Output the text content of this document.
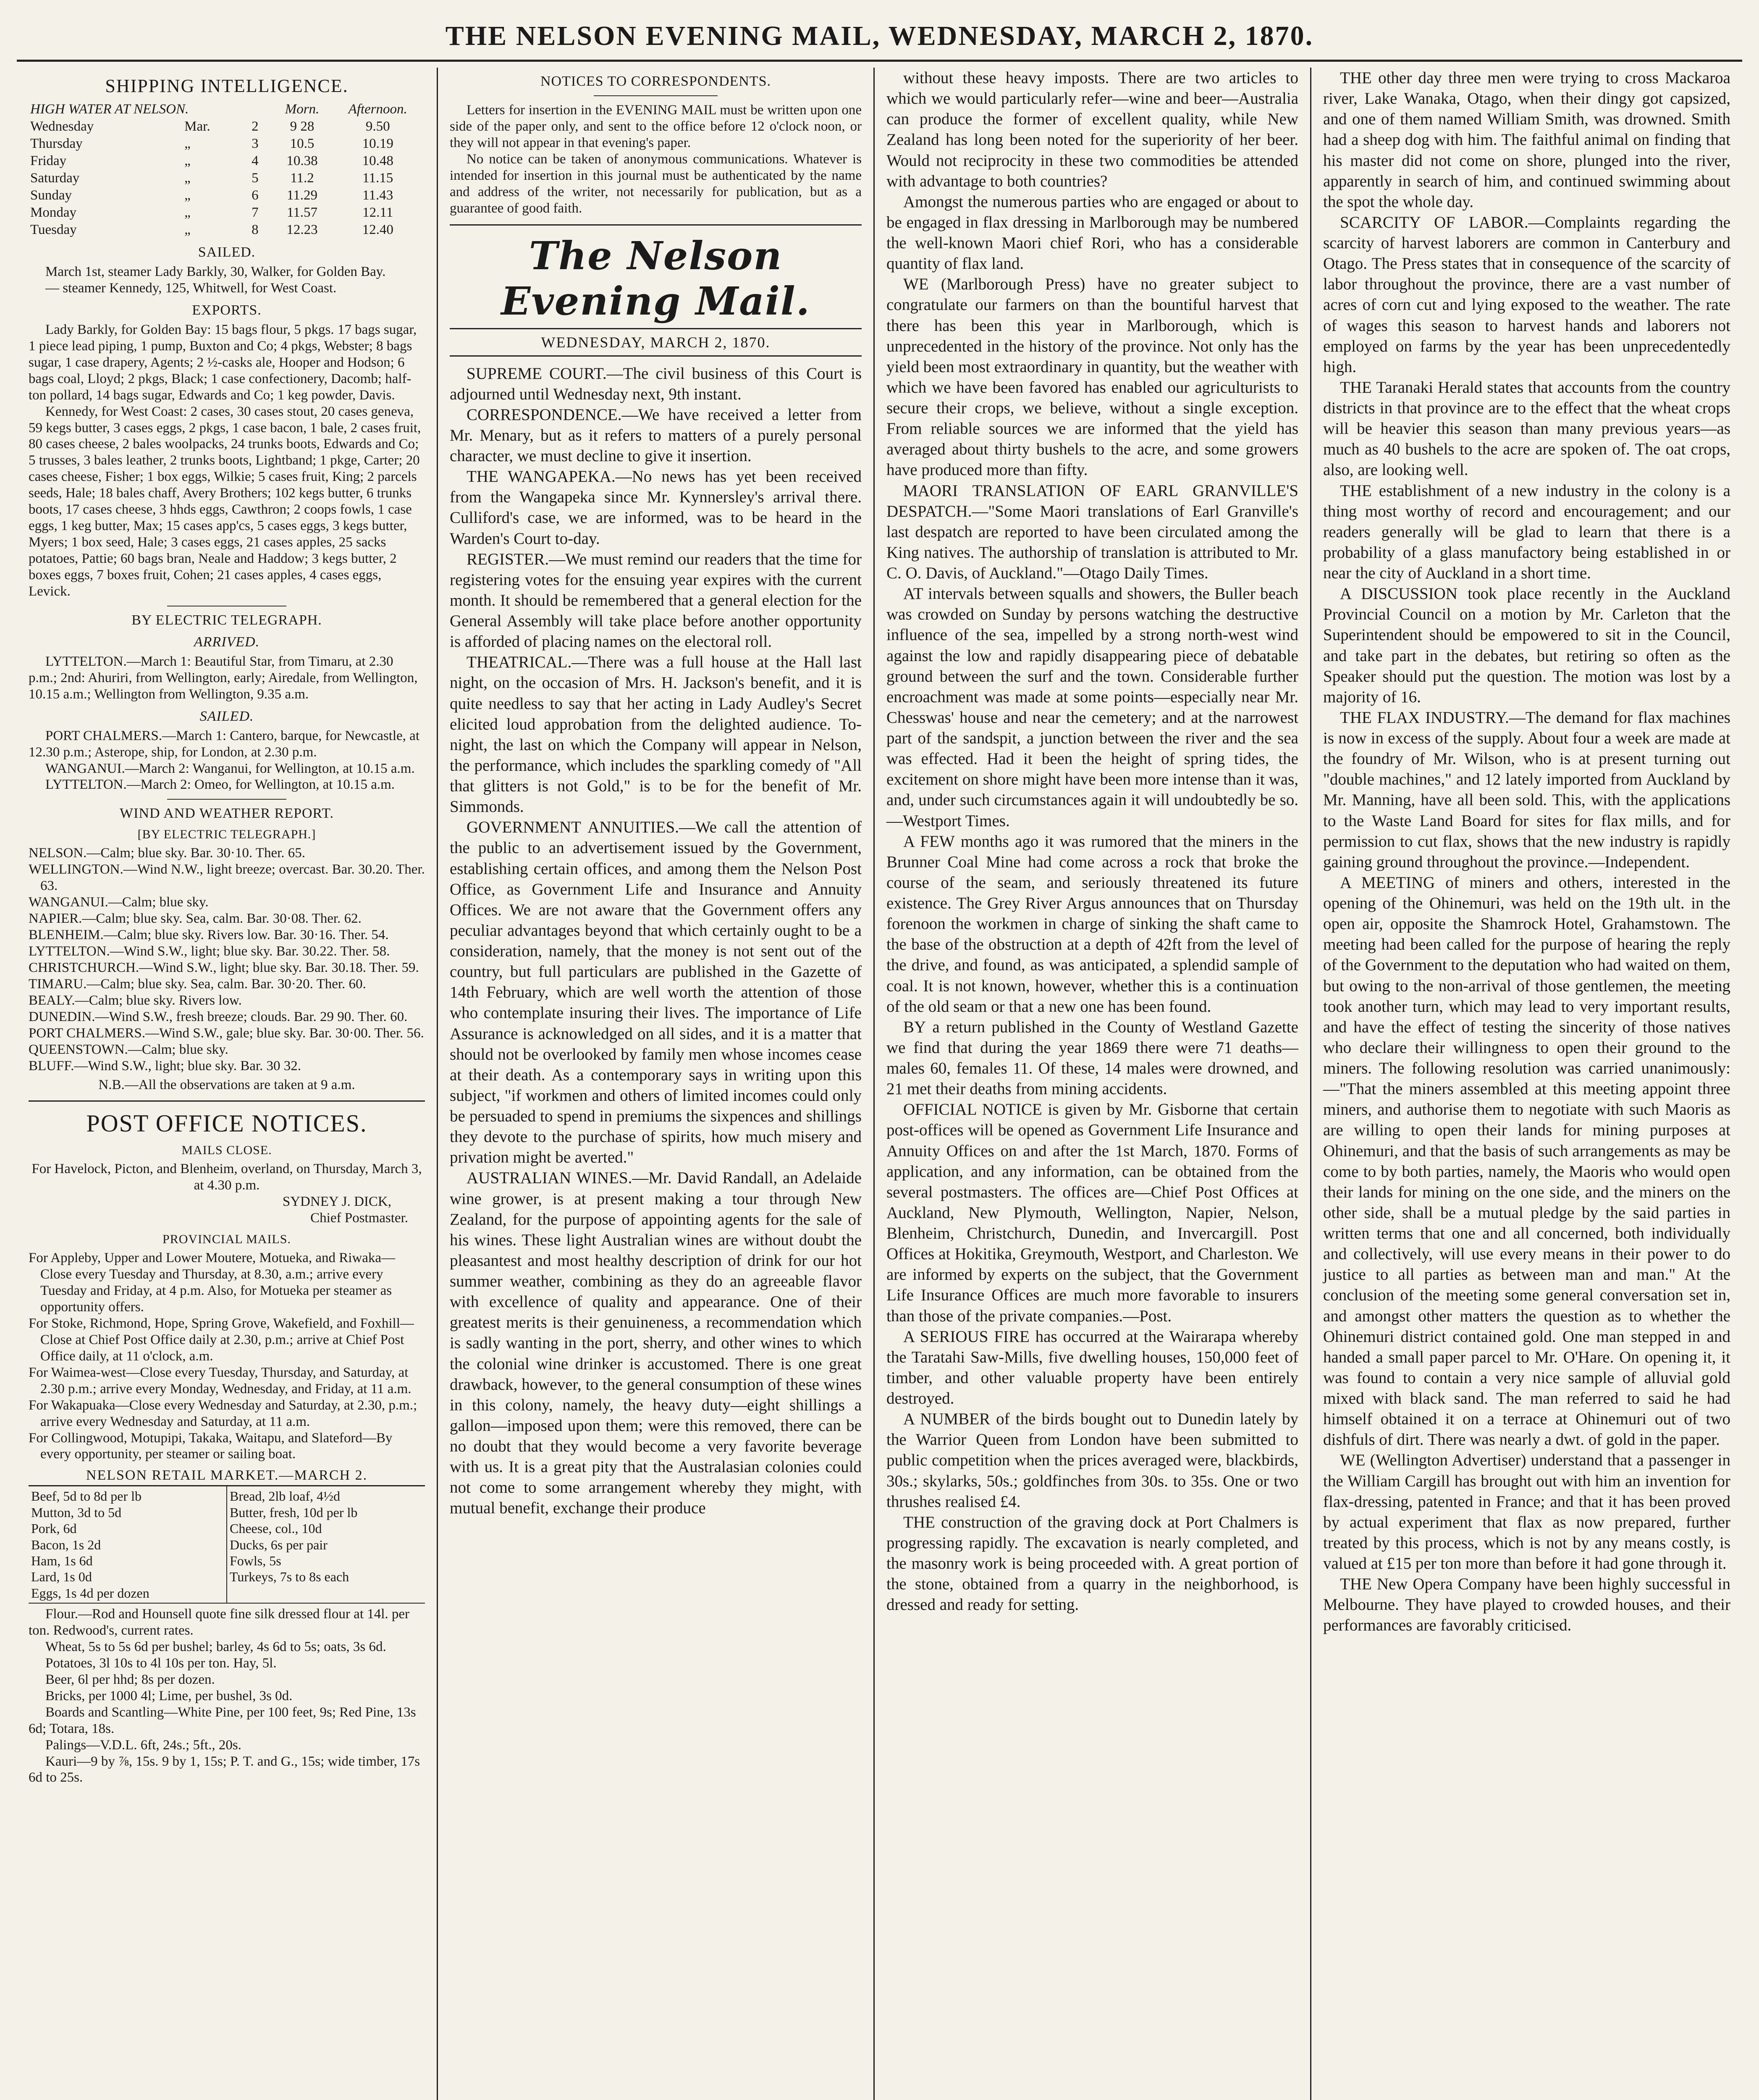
THE NELSON EVENING MAIL, WEDNESDAY, MARCH 2, 1870.
SHIPPING INTELLIGENCE.
HIGH WATER AT NELSON.			Morn.	Afternoon.
Wednesday	Mar.	2	9 28	9.50
Thursday	„	3	10.5	10.19
Friday	„	4	10.38	10.48
Saturday	„	5	11.2	11.15
Sunday	„	6	11.29	11.43
Monday	„	7	11.57	12.11
Tuesday	„	8	12.23	12.40
SAILED.

March 1st, steamer Lady Barkly, 30, Walker, for Golden Bay.

— steamer Kennedy, 125, Whitwell, for West Coast.

EXPORTS.

Lady Barkly, for Golden Bay: 15 bags flour, 5 pkgs. 17 bags sugar, 1 piece lead piping, 1 pump, Buxton and Co; 4 pkgs, Webster; 8 bags sugar, 1 case drapery, Agents; 2 ½-casks ale, Hooper and Hodson; 6 bags coal, Lloyd; 2 pkgs, Black; 1 case confectionery, Dacomb; half-ton pollard, 14 bags sugar, Edwards and Co; 1 keg powder, Davis.

Kennedy, for West Coast: 2 cases, 30 cases stout, 20 cases geneva, 59 kegs butter, 3 cases eggs, 2 pkgs, 1 case bacon, 1 bale, 2 cases fruit, 80 cases cheese, 2 bales woolpacks, 24 trunks boots, Edwards and Co; 5 trusses, 3 bales leather, 2 trunks boots, Lightband; 1 pkge, Carter; 20 cases cheese, Fisher; 1 box eggs, Wilkie; 5 cases fruit, King; 2 parcels seeds, Hale; 18 bales chaff, Avery Brothers; 102 kegs butter, 6 trunks boots, 17 cases cheese, 3 hhds eggs, Cawthron; 2 coops fowls, 1 case eggs, 1 keg butter, Max; 15 cases app'cs, 5 cases eggs, 3 kegs butter, Myers; 1 box seed, Hale; 3 cases eggs, 21 cases apples, 25 sacks potatoes, Pattie; 60 bags bran, Neale and Haddow; 3 kegs butter, 2 boxes eggs, 7 boxes fruit, Cohen; 21 cases apples, 4 cases eggs, Levick.

BY ELECTRIC TELEGRAPH.
ARRIVED.

LYTTELTON.—March 1: Beautiful Star, from Timaru, at 2.30 p.m.; 2nd: Ahuriri, from Wellington, early; Airedale, from Wellington, 10.15 a.m.; Wellington from Wellington, 9.35 a.m.

SAILED.

PORT CHALMERS.—March 1: Cantero, barque, for Newcastle, at 12.30 p.m.; Asterope, ship, for London, at 2.30 p.m.

WANGANUI.—March 2: Wanganui, for Wellington, at 10.15 a.m.

LYTTELTON.—March 2: Omeo, for Wellington, at 10.15 a.m.

WIND AND WEATHER REPORT.
[BY ELECTRIC TELEGRAPH.]

NELSON.—Calm; blue sky. Bar. 30·10. Ther. 65.

WELLINGTON.—Wind N.W., light breeze; overcast. Bar. 30.20. Ther. 63.

WANGANUI.—Calm; blue sky.

NAPIER.—Calm; blue sky. Sea, calm. Bar. 30·08. Ther. 62.

BLENHEIM.—Calm; blue sky. Rivers low. Bar. 30·16. Ther. 54.

LYTTELTON.—Wind S.W., light; blue sky. Bar. 30.22. Ther. 58.

CHRISTCHURCH.—Wind S.W., light; blue sky. Bar. 30.18. Ther. 59.

TIMARU.—Calm; blue sky. Sea, calm. Bar. 30·20. Ther. 60.

BEALY.—Calm; blue sky. Rivers low.

DUNEDIN.—Wind S.W., fresh breeze; clouds. Bar. 29 90. Ther. 60.

PORT CHALMERS.—Wind S.W., gale; blue sky. Bar. 30·00. Ther. 56.

QUEENSTOWN.—Calm; blue sky.

BLUFF.—Wind S.W., light; blue sky. Bar. 30 32.

N.B.—All the observations are taken at 9 a.m.
POST OFFICE NOTICES.
MAILS CLOSE.
For Havelock, Picton, and Blenheim, overland, on Thursday, March 3, at 4.30 p.m.
SYDNEY J. DICK,
Chief Postmaster.
PROVINCIAL MAILS.

For Appleby, Upper and Lower Moutere, Motueka, and Riwaka—Close every Tuesday and Thursday, at 8.30, a.m.; arrive every Tuesday and Friday, at 4 p.m. Also, for Motueka per steamer as opportunity offers.

For Stoke, Richmond, Hope, Spring Grove, Wakefield, and Foxhill—Close at Chief Post Office daily at 2.30, p.m.; arrive at Chief Post Office daily, at 11 o'clock, a.m.

For Waimea-west—Close every Tuesday, Thursday, and Saturday, at 2.30 p.m.; arrive every Monday, Wednesday, and Friday, at 11 a.m.

For Wakapuaka—Close every Wednesday and Saturday, at 2.30, p.m.; arrive every Wednesday and Saturday, at 11 a.m.

For Collingwood, Motupipi, Takaka, Waitapu, and Slateford—By every opportunity, per steamer or sailing boat.

NELSON RETAIL MARKET.—MARCH 2.

Beef, 5d to 8d per lb

Mutton, 3d to 5d

Pork, 6d

Bacon, 1s 2d

Ham, 1s 6d

Lard, 1s 0d

Eggs, 1s 4d per dozen

Bread, 2lb loaf, 4½d

Butter, fresh, 10d per lb

Cheese, col., 10d

Ducks, 6s per pair

Fowls, 5s

Turkeys, 7s to 8s each

Flour.—Rod and Hounsell quote fine silk dressed flour at 14l. per ton. Redwood's, current rates.

Wheat, 5s to 5s 6d per bushel; barley, 4s 6d to 5s; oats, 3s 6d.

Potatoes, 3l 10s to 4l 10s per ton. Hay, 5l.

Beer, 6l per hhd; 8s per dozen.

Bricks, per 1000 4l; Lime, per bushel, 3s 0d.

Boards and Scantling—White Pine, per 100 feet, 9s; Red Pine, 13s 6d; Totara, 18s.

Palings—V.D.L. 6ft, 24s.; 5ft., 20s.

Kauri—9 by ⅞, 15s. 9 by 1, 15s; P. T. and G., 15s; wide timber, 17s 6d to 25s.

NOTICES TO CORRESPONDENTS.

Letters for insertion in the EVENING MAIL must be written upon one side of the paper only, and sent to the office before 12 o'clock noon, or they will not appear in that evening's paper.

No notice can be taken of anonymous communications. Whatever is intended for insertion in this journal must be authenticated by the name and address of the writer, not necessarily for publication, but as a guarantee of good faith.

The Nelson Evening Mail.
WEDNESDAY, MARCH 2, 1870.

SUPREME COURT.—The civil business of this Court is adjourned until Wednesday next, 9th instant.

CORRESPONDENCE.—We have received a letter from Mr. Menary, but as it refers to matters of a purely personal character, we must decline to give it insertion.

THE WANGAPEKA.—No news has yet been received from the Wangapeka since Mr. Kynnersley's arrival there. Culliford's case, we are informed, was to be heard in the Warden's Court to-day.

REGISTER.—We must remind our readers that the time for registering votes for the ensuing year expires with the current month. It should be remembered that a general election for the General Assembly will take place before another opportunity is afforded of placing names on the electoral roll.

THEATRICAL.—There was a full house at the Hall last night, on the occasion of Mrs. H. Jackson's benefit, and it is quite needless to say that her acting in Lady Audley's Secret elicited loud approbation from the delighted audience. To-night, the last on which the Company will appear in Nelson, the performance, which includes the sparkling comedy of "All that glitters is not Gold," is to be for the benefit of Mr. Simmonds.

GOVERNMENT ANNUITIES.—We call the attention of the public to an advertisement issued by the Government, establishing certain offices, and among them the Nelson Post Office, as Government Life and Insurance and Annuity Offices. We are not aware that the Government offers any peculiar advantages beyond that which certainly ought to be a consideration, namely, that the money is not sent out of the country, but full particulars are published in the Gazette of 14th February, which are well worth the attention of those who contemplate insuring their lives. The importance of Life Assurance is acknowledged on all sides, and it is a matter that should not be overlooked by family men whose incomes cease at their death. As a contemporary says in writing upon this subject, "if workmen and others of limited incomes could only be persuaded to spend in premiums the sixpences and shillings they devote to the purchase of spirits, how much misery and privation might be averted."

AUSTRALIAN WINES.—Mr. David Randall, an Adelaide wine grower, is at present making a tour through New Zealand, for the purpose of appointing agents for the sale of his wines. These light Australian wines are without doubt the pleasantest and most healthy description of drink for our hot summer weather, combining as they do an agreeable flavor with excellence of quality and appearance. One of their greatest merits is their genuineness, a recommendation which is sadly wanting in the port, sherry, and other wines to which the colonial wine drinker is accustomed. There is one great drawback, however, to the general consumption of these wines in this colony, namely, the heavy duty—eight shillings a gallon—imposed upon them; were this removed, there can be no doubt that they would become a very favorite beverage with us. It is a great pity that the Australasian colonies could not come to some arrangement whereby they might, with mutual benefit, exchange their produce

without these heavy imposts. There are two articles to which we would particularly refer—wine and beer—Australia can produce the former of excellent quality, while New Zealand has long been noted for the superiority of her beer. Would not reciprocity in these two commodities be attended with advantage to both countries?

Amongst the numerous parties who are engaged or about to be engaged in flax dressing in Marlborough may be numbered the well-known Maori chief Rori, who has a considerable quantity of flax land.

WE (Marlborough Press) have no greater subject to congratulate our farmers on than the bountiful harvest that there has been this year in Marlborough, which is unprecedented in the history of the province. Not only has the yield been most extraordinary in quantity, but the weather with which we have been favored has enabled our agriculturists to secure their crops, we believe, without a single exception. From reliable sources we are informed that the yield has averaged about thirty bushels to the acre, and some growers have produced more than fifty.

MAORI TRANSLATION OF EARL GRANVILLE'S DESPATCH.—"Some Maori translations of Earl Granville's last despatch are reported to have been circulated among the King natives. The authorship of translation is attributed to Mr. C. O. Davis, of Auckland."—Otago Daily Times.

AT intervals between squalls and showers, the Buller beach was crowded on Sunday by persons watching the destructive influence of the sea, impelled by a strong north-west wind against the low and rapidly disappearing piece of debatable ground between the surf and the town. Considerable further encroachment was made at some points—especially near Mr. Chesswas' house and near the cemetery; and at the narrowest part of the sandspit, a junction between the river and the sea was effected. Had it been the height of spring tides, the excitement on shore might have been more intense than it was, and, under such circumstances again it will undoubtedly be so.—Westport Times.

A FEW months ago it was rumored that the miners in the Brunner Coal Mine had come across a rock that broke the course of the seam, and seriously threatened its future existence. The Grey River Argus announces that on Thursday forenoon the workmen in charge of sinking the shaft came to the base of the obstruction at a depth of 42ft from the level of the drive, and found, as was anticipated, a splendid sample of coal. It is not known, however, whether this is a continuation of the old seam or that a new one has been found.

BY a return published in the County of Westland Gazette we find that during the year 1869 there were 71 deaths—males 60, females 11. Of these, 14 males were drowned, and 21 met their deaths from mining accidents.

OFFICIAL NOTICE is given by Mr. Gisborne that certain post-offices will be opened as Government Life Insurance and Annuity Offices on and after the 1st March, 1870. Forms of application, and any information, can be obtained from the several postmasters. The offices are—Chief Post Offices at Auckland, New Plymouth, Wellington, Napier, Nelson, Blenheim, Christchurch, Dunedin, and Invercargill. Post Offices at Hokitika, Greymouth, Westport, and Charleston. We are informed by experts on the subject, that the Government Life Insurance Offices are much more favorable to insurers than those of the private companies.—Post.

A SERIOUS FIRE has occurred at the Wairarapa whereby the Taratahi Saw-Mills, five dwelling houses, 150,000 feet of timber, and other valuable property have been entirely destroyed.

A NUMBER of the birds bought out to Dunedin lately by the Warrior Queen from London have been submitted to public competition when the prices averaged were, blackbirds, 30s.; skylarks, 50s.; goldfinches from 30s. to 35s. One or two thrushes realised £4.

THE construction of the graving dock at Port Chalmers is progressing rapidly. The excavation is nearly completed, and the masonry work is being proceeded with. A great portion of the stone, obtained from a quarry in the neighborhood, is dressed and ready for setting.

THE other day three men were trying to cross Mackaroa river, Lake Wanaka, Otago, when their dingy got capsized, and one of them named William Smith, was drowned. Smith had a sheep dog with him. The faithful animal on finding that his master did not come on shore, plunged into the river, apparently in search of him, and continued swimming about the spot the whole day.

SCARCITY OF LABOR.—Complaints regarding the scarcity of harvest laborers are common in Canterbury and Otago. The Press states that in consequence of the scarcity of labor throughout the province, there are a vast number of acres of corn cut and lying exposed to the weather. The rate of wages this season to harvest hands and laborers not employed on farms by the year has been unprecedentedly high.

THE Taranaki Herald states that accounts from the country districts in that province are to the effect that the wheat crops will be heavier this season than many previous years—as much as 40 bushels to the acre are spoken of. The oat crops, also, are looking well.

THE establishment of a new industry in the colony is a thing most worthy of record and encouragement; and our readers generally will be glad to learn that there is a probability of a glass manufactory being established in or near the city of Auckland in a short time.

A DISCUSSION took place recently in the Auckland Provincial Council on a motion by Mr. Carleton that the Superintendent should be empowered to sit in the Council, and take part in the debates, but retiring so often as the Speaker should put the question. The motion was lost by a majority of 16.

THE FLAX INDUSTRY.—The demand for flax machines is now in excess of the supply. About four a week are made at the foundry of Mr. Wilson, who is at present turning out "double machines," and 12 lately imported from Auckland by Mr. Manning, have all been sold. This, with the applications to the Waste Land Board for sites for flax mills, and for permission to cut flax, shows that the new industry is rapidly gaining ground throughout the province.—Independent.

A MEETING of miners and others, interested in the opening of the Ohinemuri, was held on the 19th ult. in the open air, opposite the Shamrock Hotel, Grahamstown. The meeting had been called for the purpose of hearing the reply of the Government to the deputation who had waited on them, but owing to the non-arrival of those gentlemen, the meeting took another turn, which may lead to very important results, and have the effect of testing the sincerity of those natives who declare their willingness to open their ground to the miners. The following resolution was carried unanimously:—"That the miners assembled at this meeting appoint three miners, and authorise them to negotiate with such Maoris as are willing to open their lands for mining purposes at Ohinemuri, and that the basis of such arrangements as may be come to by both parties, namely, the Maoris who would open their lands for mining on the one side, and the miners on the other side, shall be a mutual pledge by the said parties in written terms that one and all concerned, both individually and collectively, will use every means in their power to do justice to all parties as between man and man." At the conclusion of the meeting some general conversation set in, and amongst other matters the question as to whether the Ohinemuri district contained gold. One man stepped in and handed a small paper parcel to Mr. O'Hare. On opening it, it was found to contain a very nice sample of alluvial gold mixed with black sand. The man referred to said he had himself obtained it on a terrace at Ohinemuri out of two dishfuls of dirt. There was nearly a dwt. of gold in the paper.

WE (Wellington Advertiser) understand that a passenger in the William Cargill has brought out with him an invention for flax-dressing, patented in France; and that it has been proved by actual experiment that flax as now prepared, further treated by this process, which is not by any means costly, is valued at £15 per ton more than before it had gone through it.

THE New Opera Company have been highly successful in Melbourne. They have played to crowded houses, and their performances are favorably criticised.
